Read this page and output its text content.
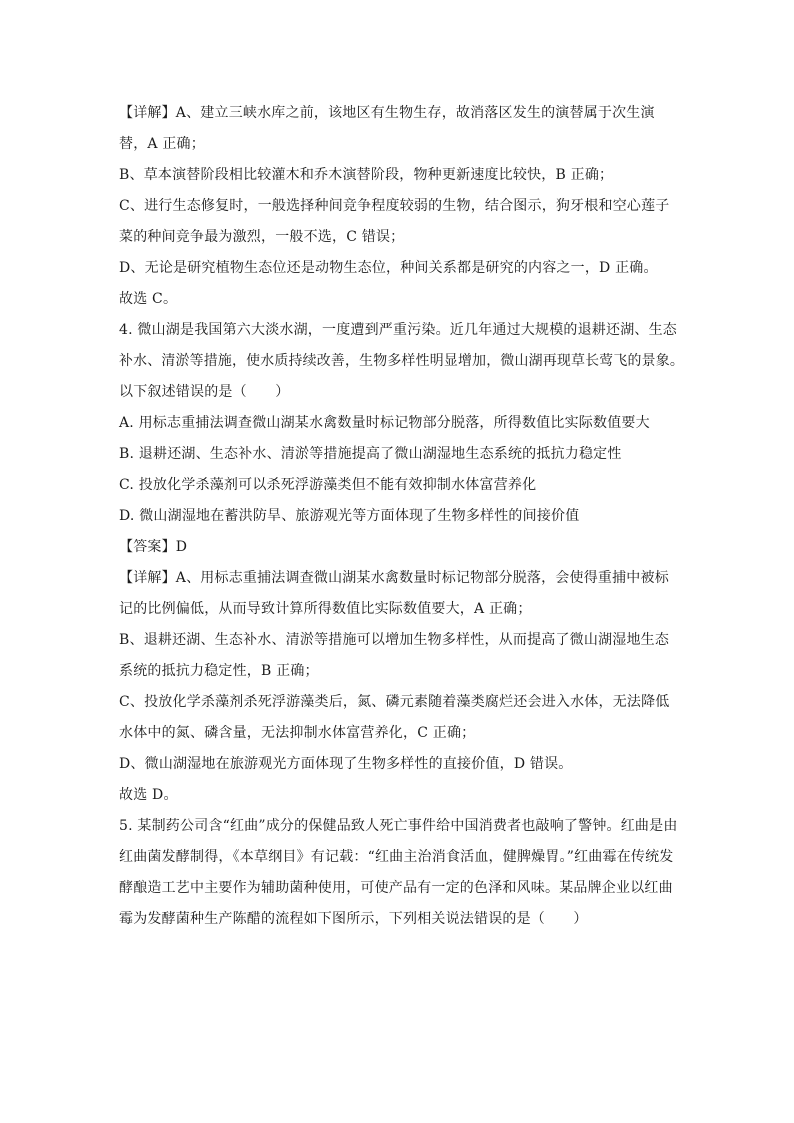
【详解】A、建立三峡水库之前，该地区有生物生存，故消落区发生的演替属于次生演
替，A 正确；
B、草本演替阶段相比较灌木和乔木演替阶段，物种更新速度比较快，B 正确；
C、进行生态修复时，一般选择种间竞争程度较弱的生物，结合图示，狗牙根和空心莲子
菜的种间竞争最为激烈，一般不选，C 错误；
D、无论是研究植物生态位还是动物生态位，种间关系都是研究的内容之一，D 正确。
故选 C。
4. 微山湖是我国第六大淡水湖，一度遭到严重污染。近几年通过大规模的退耕还湖、生态
补水、清淤等措施，使水质持续改善，生物多样性明显增加，微山湖再现草长莺飞的景象。
以下叙述错误的是（　　）
A. 用标志重捕法调查微山湖某水禽数量时标记物部分脱落，所得数值比实际数值要大
B. 退耕还湖、生态补水、清淤等措施提高了微山湖湿地生态系统的抵抗力稳定性
C. 投放化学杀藻剂可以杀死浮游藻类但不能有效抑制水体富营养化
D. 微山湖湿地在蓄洪防旱、旅游观光等方面体现了生物多样性的间接价值
【答案】D
【详解】A、用标志重捕法调查微山湖某水禽数量时标记物部分脱落，会使得重捕中被标
记的比例偏低，从而导致计算所得数值比实际数值要大，A 正确；
B、退耕还湖、生态补水、清淤等措施可以增加生物多样性，从而提高了微山湖湿地生态
系统的抵抗力稳定性，B 正确；
C、投放化学杀藻剂杀死浮游藻类后，氮、磷元素随着藻类腐烂还会进入水体，无法降低
水体中的氮、磷含量，无法抑制水体富营养化，C 正确；
D、微山湖湿地在旅游观光方面体现了生物多样性的直接价值，D 错误。
故选 D。
5. 某制药公司含“红曲”成分的保健品致人死亡事件给中国消费者也敲响了警钟。红曲是由
红曲菌发酵制得，《本草纲目》有记载：“红曲主治消食活血，健脾燥胃。”红曲霉在传统发
酵酿造工艺中主要作为辅助菌种使用，可使产品有一定的色泽和风味。某品牌企业以红曲
霉为发酵菌种生产陈醋的流程如下图所示，下列相关说法错误的是（　　）
